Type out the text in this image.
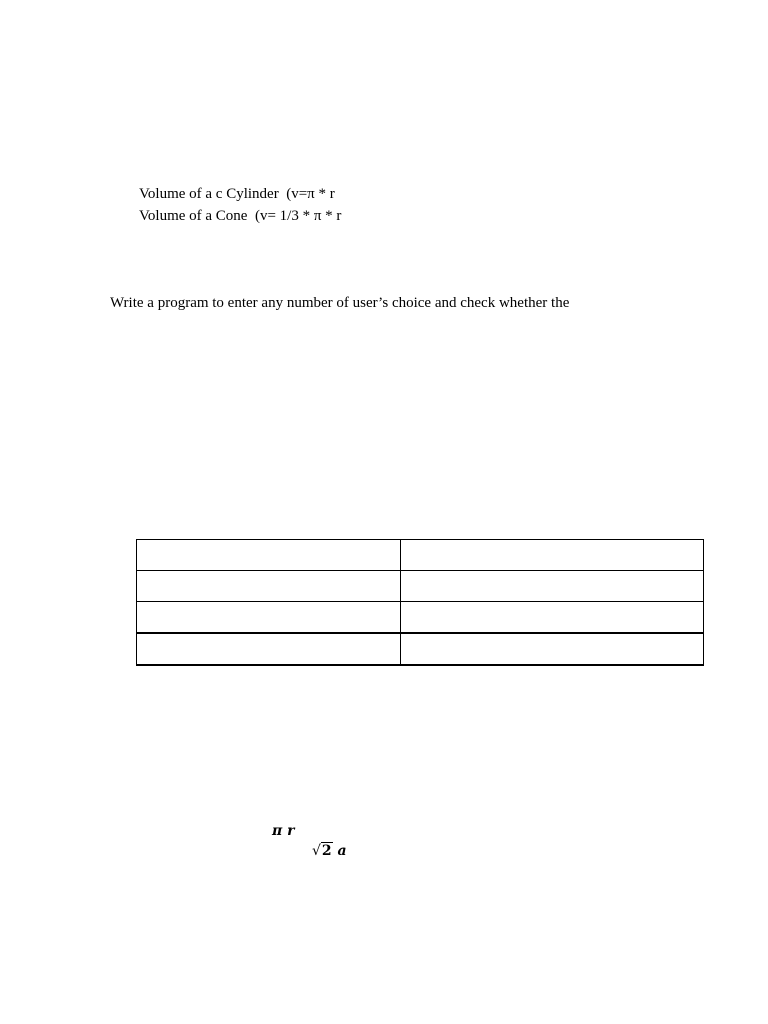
Volume of a c Cylinder  (v=π * r
Volume of a Cone  (v= 1/3 * π * r
Write a program to enter any number of user’s choice and check whether the

π r
√2 a
